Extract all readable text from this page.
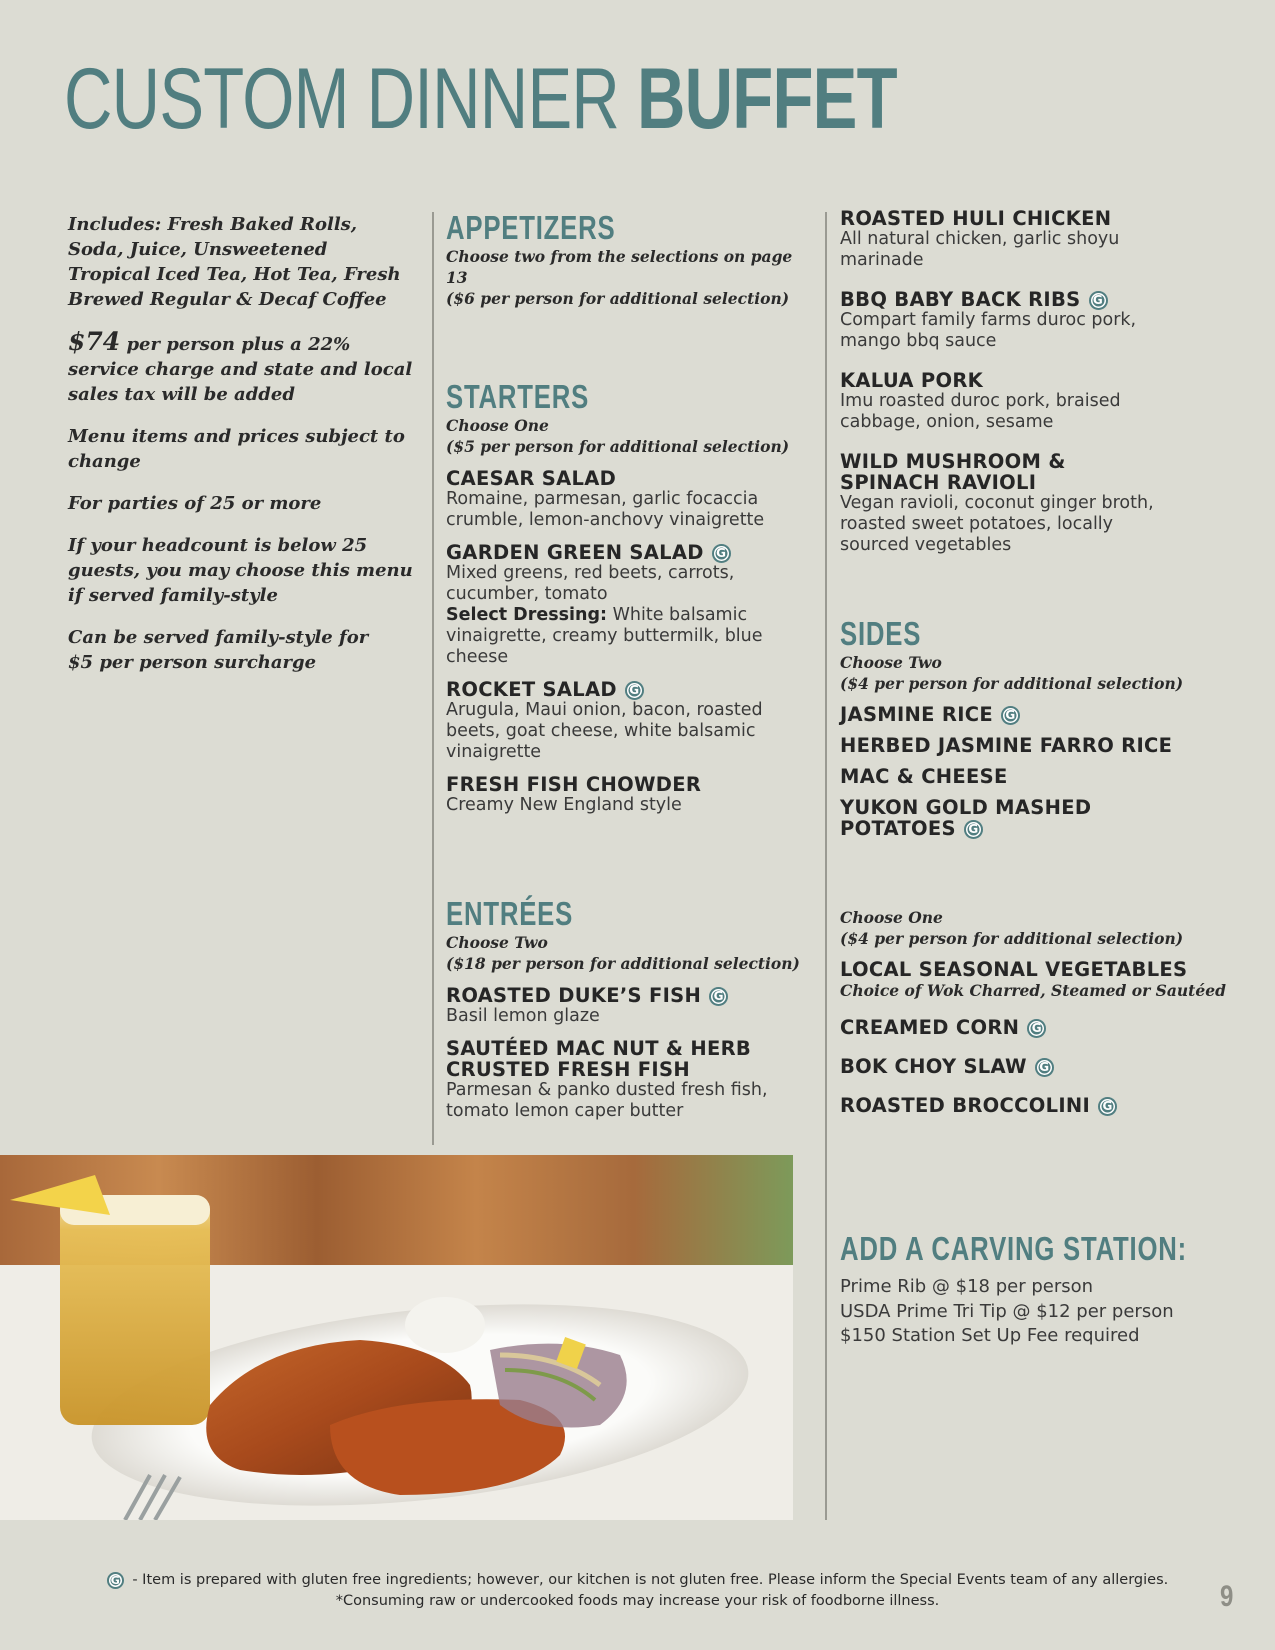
CUSTOM DINNER BUFFET

Includes: Fresh Baked Rolls, Soda, Juice, Unsweetened Tropical Iced Tea, Hot Tea, Fresh Brewed Regular & Decaf Coffee

$74 per person plus a 22% service charge and state and local sales tax will be added

Menu items and prices subject to change

For parties of 25 or more

If your headcount is below 25 guests, you may choose this menu if served family-style

Can be served family-style for
$5 per person surcharge

APPETIZERS

Choose two from the selections on page 13

($6 per person for additional selection)

STARTERS

Choose One

($5 per person for additional selection)

CAESAR SALAD
Romaine, parmesan, garlic focaccia crumble, lemon-anchovy vinaigrette
GARDEN GREEN SALAD G
Mixed greens, red beets, carrots, cucumber, tomato
Select Dressing: White balsamic vinaigrette, creamy buttermilk, blue cheese
ROCKET SALAD G
Arugula, Maui onion, bacon, roasted beets, goat cheese, white balsamic vinaigrette
FRESH FISH CHOWDER
Creamy New England style
ENTRÉES

Choose Two

($18 per person for additional selection)

ROASTED DUKE’S FISH G
Basil lemon glaze
SAUTÉED MAC NUT & HERB
CRUSTED FRESH FISH
Parmesan & panko dusted fresh fish, tomato lemon caper butter
ROASTED HULI CHICKEN
All natural chicken, garlic shoyu marinade
BBQ BABY BACK RIBS G
Compart family farms duroc pork, mango bbq sauce
KALUA PORK
Imu roasted duroc pork, braised cabbage, onion, sesame
WILD MUSHROOM &
SPINACH RAVIOLI
Vegan ravioli, coconut ginger broth, roasted sweet potatoes, locally sourced vegetables
SIDES

Choose Two

($4 per person for additional selection)

JASMINE RICE G
HERBED JASMINE FARRO RICE
MAC & CHEESE
YUKON GOLD MASHED
POTATOES G

Choose One

($4 per person for additional selection)

LOCAL SEASONAL VEGETABLES
Choice of Wok Charred, Steamed or Sautéed
CREAMED CORN G
BOK CHOY SLAW G
ROASTED BROCCOLINI G
ADD A CARVING STATION:
Prime Rib @ $18 per person
USDA Prime Tri Tip @ $12 per person
$150 Station Set Up Fee required
G - Item is prepared with gluten free ingredients; however, our kitchen is not gluten free. Please inform the Special Events team of any allergies.
*Consuming raw or undercooked foods may increase your risk of foodborne illness.	9
